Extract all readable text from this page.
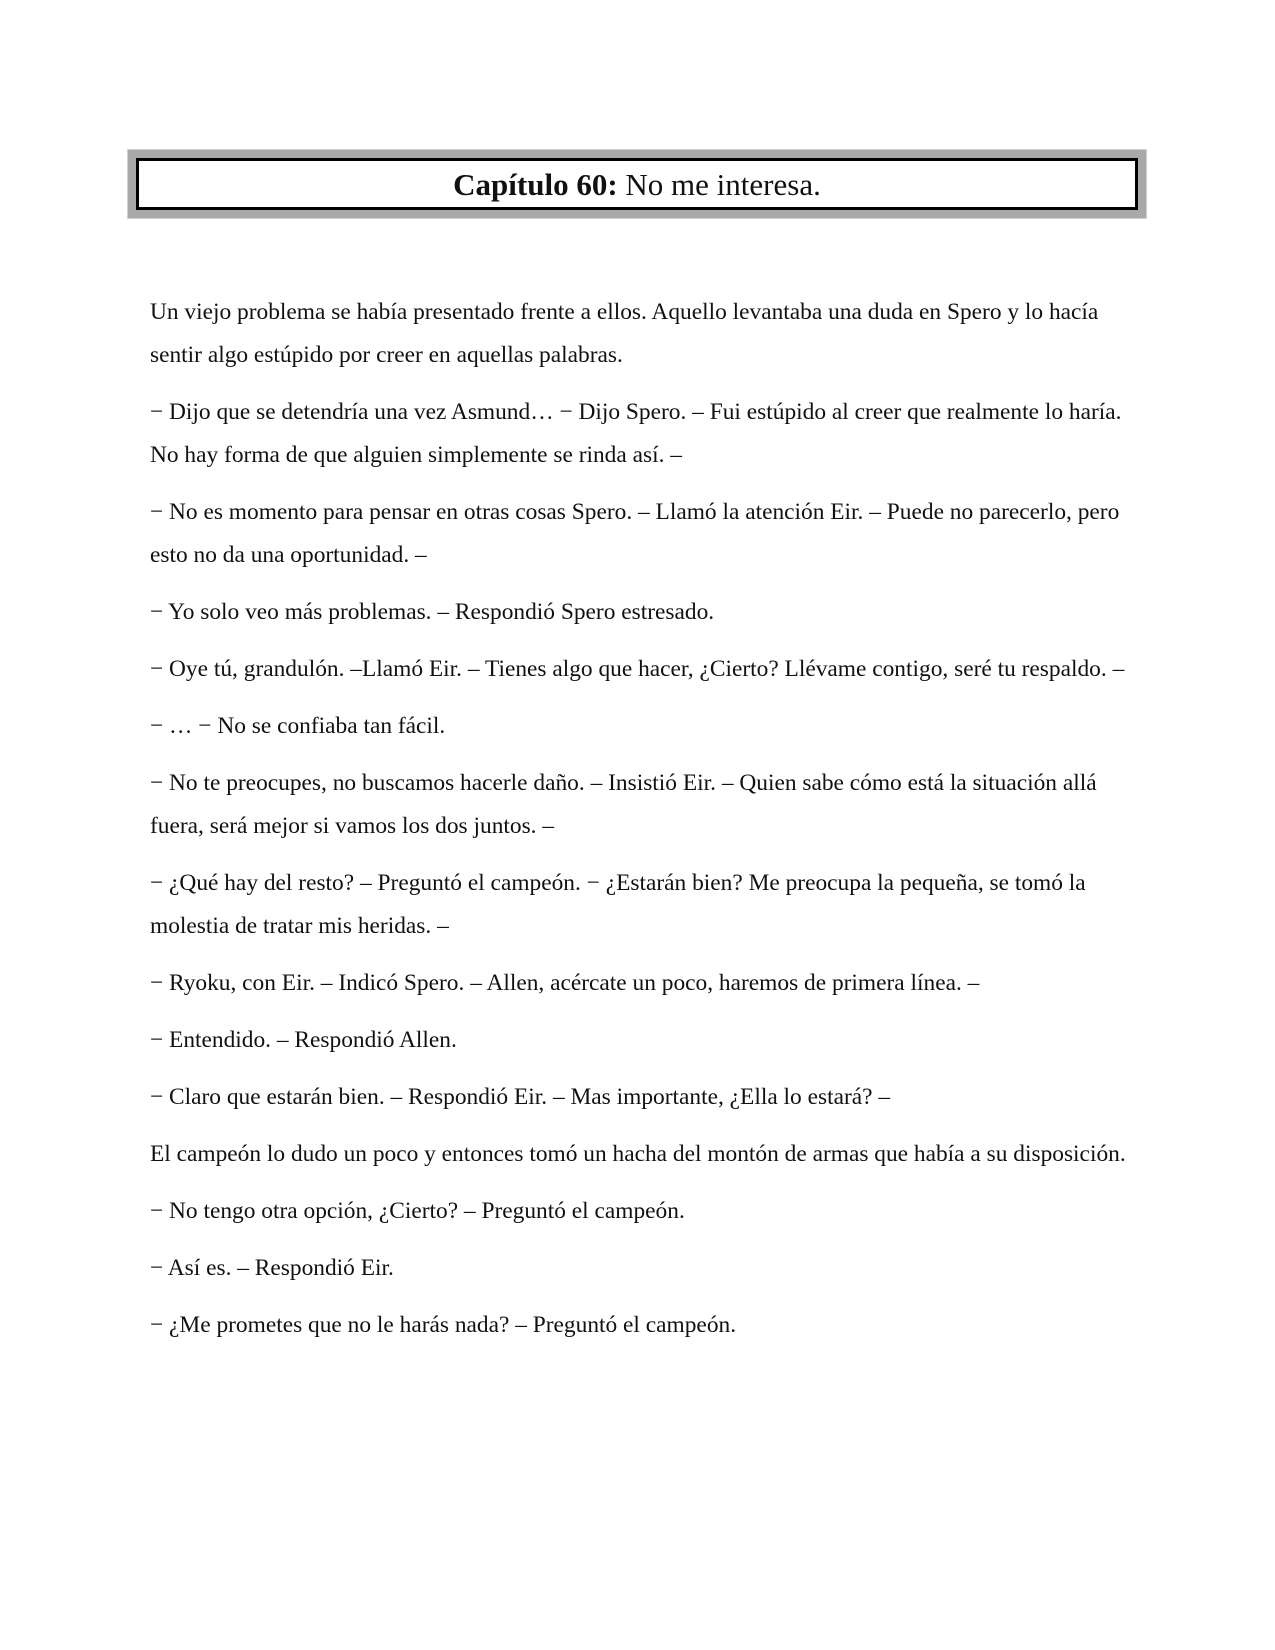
Capítulo 60: No me interesa.

Un viejo problema se había presentado frente a ellos. Aquello levantaba una duda en Spero y lo hacía sentir algo estúpido por creer en aquellas palabras.

− Dijo que se detendría una vez Asmund… − Dijo Spero. – Fui estúpido al creer que realmente lo haría. No hay forma de que alguien simplemente se rinda así. –

− No es momento para pensar en otras cosas Spero. – Llamó la atención Eir. – Puede no parecerlo, pero esto no da una oportunidad. –

− Yo solo veo más problemas. – Respondió Spero estresado.

− Oye tú, grandulón. –Llamó Eir. – Tienes algo que hacer, ¿Cierto? Llévame contigo, seré tu respaldo. –

− … − No se confiaba tan fácil.

− No te preocupes, no buscamos hacerle daño. – Insistió Eir. – Quien sabe cómo está la situación allá fuera, será mejor si vamos los dos juntos. –

− ¿Qué hay del resto? – Preguntó el campeón. − ¿Estarán bien? Me preocupa la pequeña, se tomó la molestia de tratar mis heridas. –

− Ryoku, con Eir. – Indicó Spero. – Allen, acércate un poco, haremos de primera línea. –

− Entendido. – Respondió Allen.

− Claro que estarán bien. – Respondió Eir. – Mas importante, ¿Ella lo estará? –

El campeón lo dudo un poco y entonces tomó un hacha del montón de armas que había a su disposición.

− No tengo otra opción, ¿Cierto? – Preguntó el campeón.

− Así es. – Respondió Eir.

− ¿Me prometes que no le harás nada? – Preguntó el campeón.
